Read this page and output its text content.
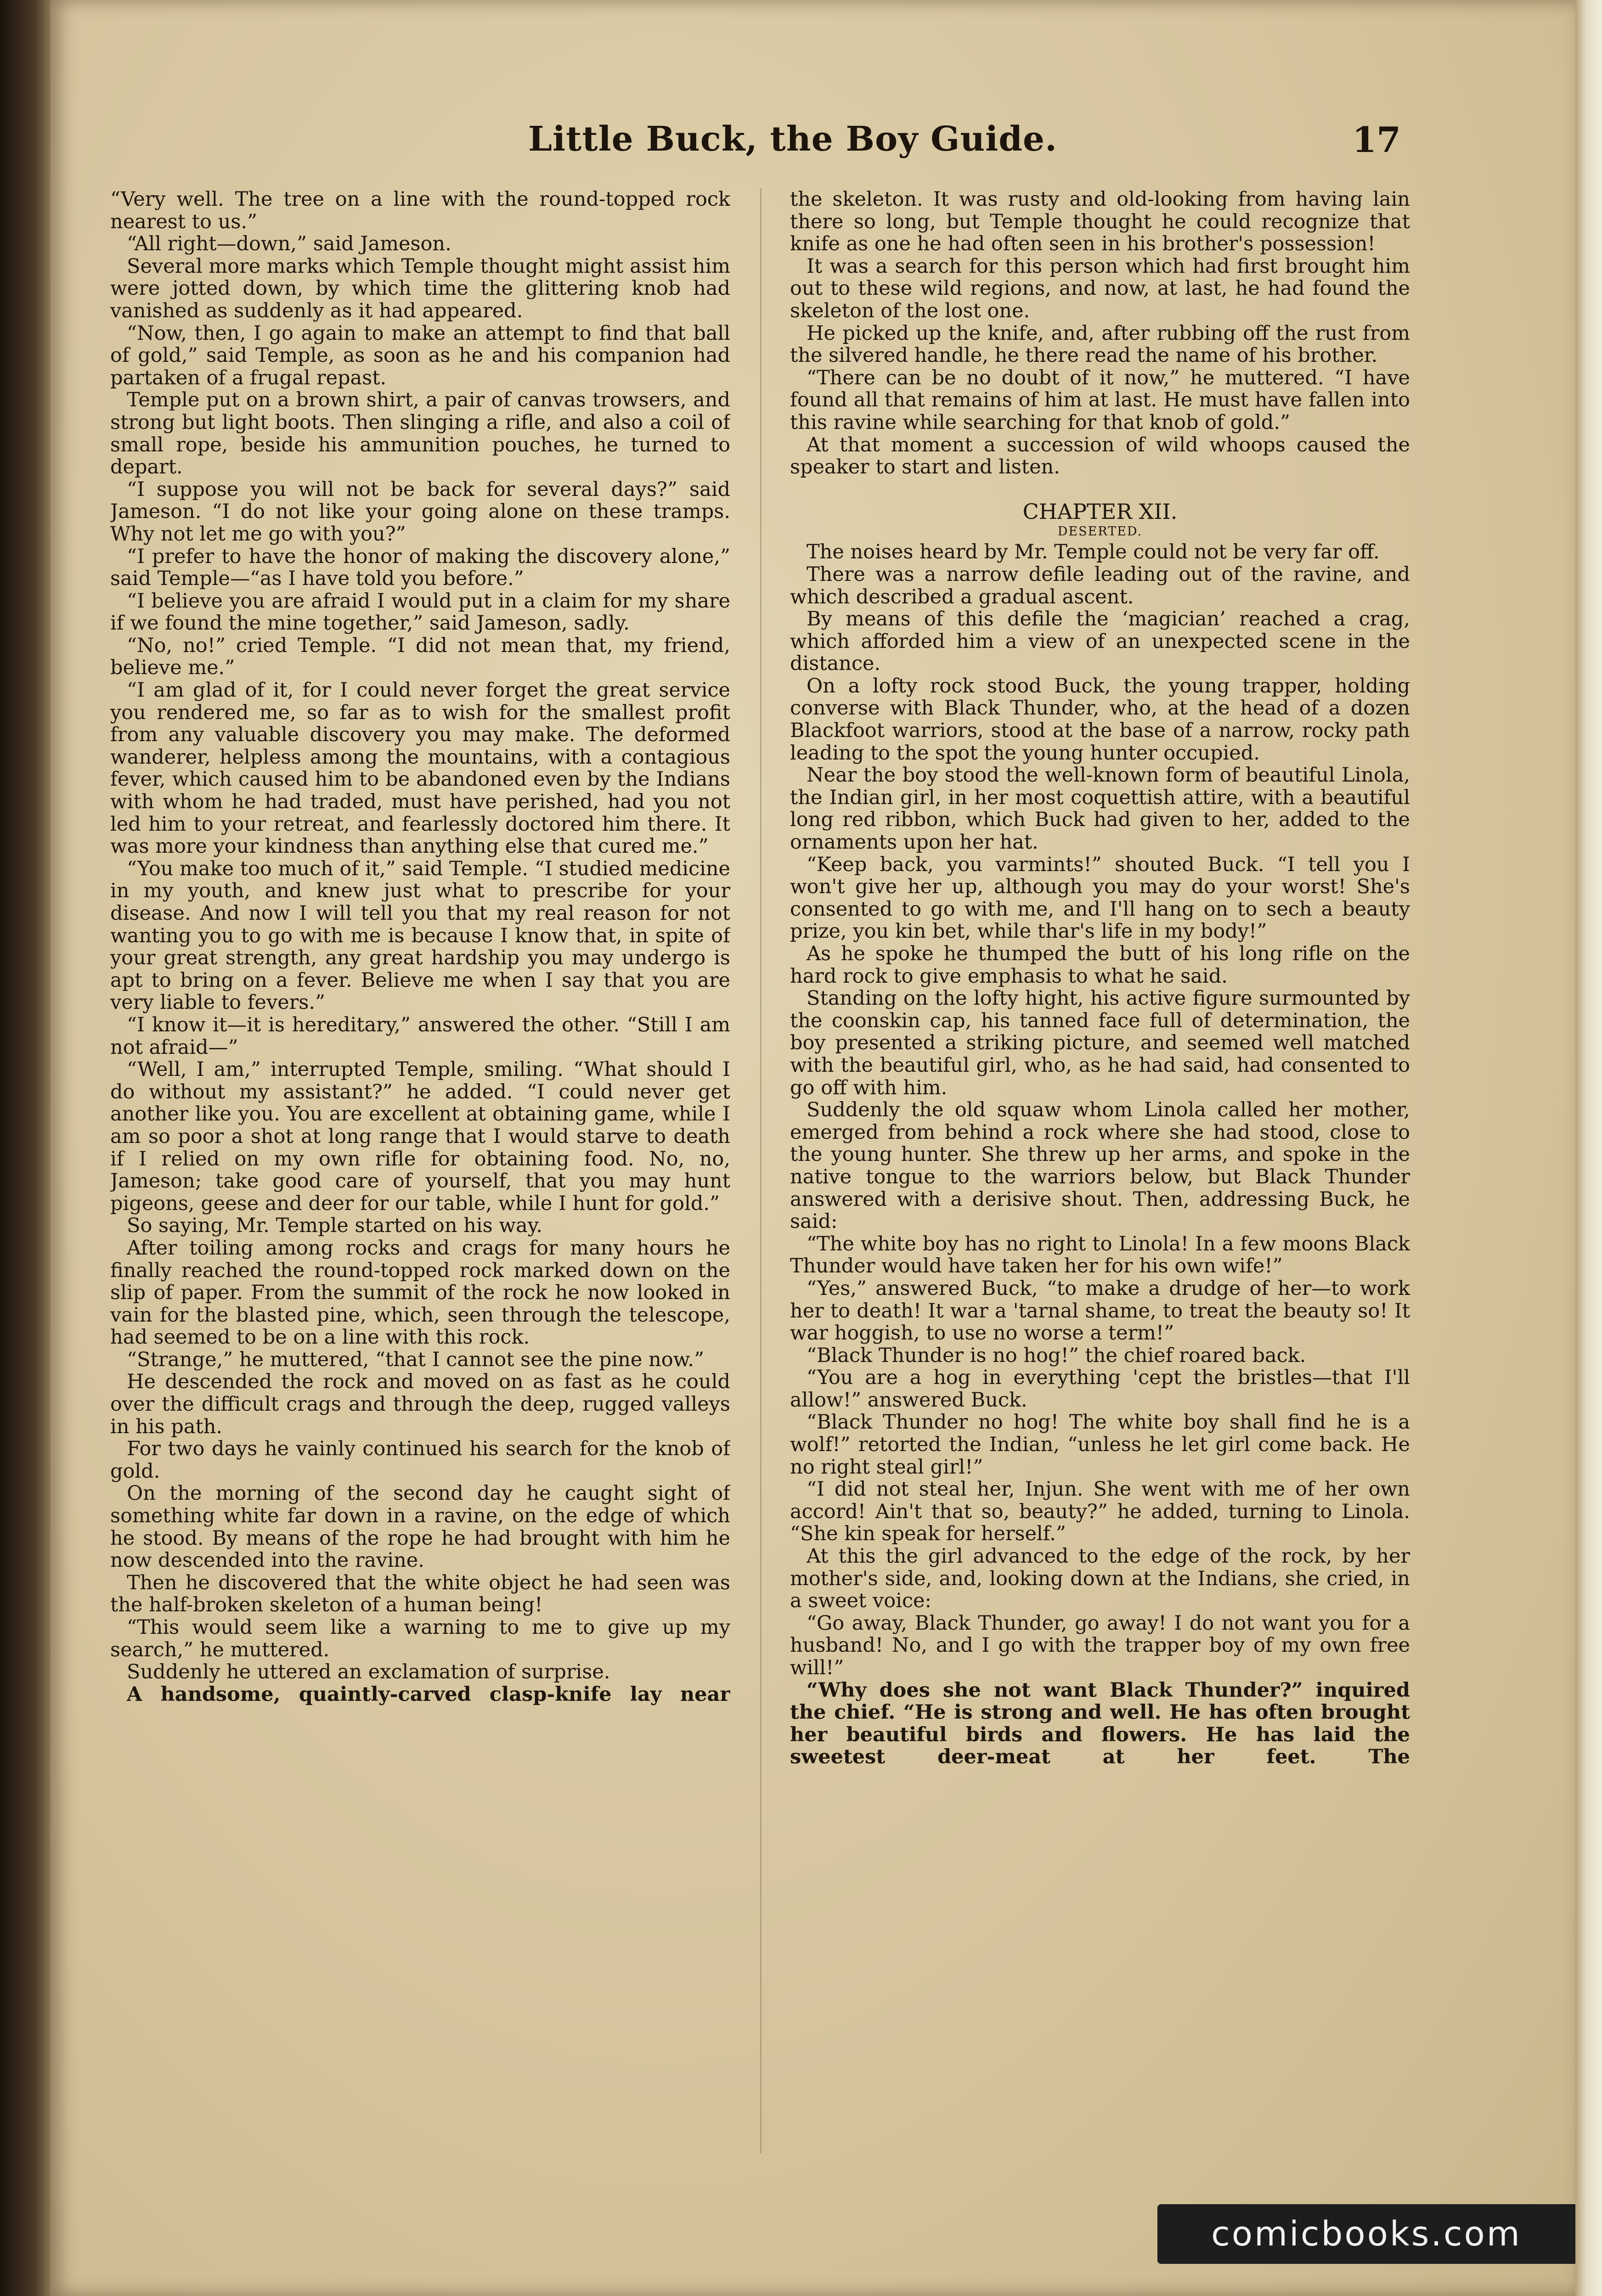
Little Buck, the Boy Guide.	17

“Very well. The tree on a line with the round-topped rock nearest to us.”

“All right—down,” said Jameson.

Several more marks which Temple thought might assist him were jotted down, by which time the glittering knob had vanished as suddenly as it had appeared.

“Now, then, I go again to make an attempt to find that ball of gold,” said Temple, as soon as he and his companion had partaken of a frugal repast.

Temple put on a brown shirt, a pair of canvas trowsers, and strong but light boots. Then slinging a rifle, and also a coil of small rope, beside his ammunition pouches, he turned to depart.

“I suppose you will not be back for several days?” said Jameson. “I do not like your going alone on these tramps. Why not let me go with you?”

“I prefer to have the honor of making the discovery alone,” said Temple—“as I have told you before.”

“I believe you are afraid I would put in a claim for my share if we found the mine together,” said Jameson, sadly.

“No, no!” cried Temple. “I did not mean that, my friend, believe me.”

“I am glad of it, for I could never forget the great service you rendered me, so far as to wish for the smallest profit from any valuable discovery you may make. The deformed wanderer, helpless among the mountains, with a contagious fever, which caused him to be abandoned even by the Indians with whom he had traded, must have perished, had you not led him to your retreat, and fearlessly doctored him there. It was more your kindness than anything else that cured me.”

“You make too much of it,” said Temple. “I studied medicine in my youth, and knew just what to prescribe for your disease. And now I will tell you that my real reason for not wanting you to go with me is because I know that, in spite of your great strength, any great hardship you may undergo is apt to bring on a fever. Believe me when I say that you are very liable to fevers.”

“I know it—it is hereditary,” answered the other. “Still I am not afraid—”

“Well, I am,” interrupted Temple, smiling. “What should I do without my assistant?” he added. “I could never get another like you. You are excellent at obtaining game, while I am so poor a shot at long range that I would starve to death if I relied on my own rifle for obtaining food. No, no, Jameson; take good care of yourself, that you may hunt pigeons, geese and deer for our table, while I hunt for gold.”

So saying, Mr. Temple started on his way.

After toiling among rocks and crags for many hours he finally reached the round-topped rock marked down on the slip of paper. From the summit of the rock he now looked in vain for the blasted pine, which, seen through the telescope, had seemed to be on a line with this rock.

“Strange,” he muttered, “that I cannot see the pine now.”

He descended the rock and moved on as fast as he could over the difficult crags and through the deep, rugged valleys in his path.

For two days he vainly continued his search for the knob of gold.

On the morning of the second day he caught sight of something white far down in a ravine, on the edge of which he stood. By means of the rope he had brought with him he now descended into the ravine.

Then he discovered that the white object he had seen was the half-broken skeleton of a human being!

“This would seem like a warning to me to give up my search,” he muttered.

Suddenly he uttered an exclamation of surprise.

A handsome, quaintly-carved clasp-knife lay near

the skeleton. It was rusty and old-looking from having lain there so long, but Temple thought he could recognize that knife as one he had often seen in his brother's possession!

It was a search for this person which had first brought him out to these wild regions, and now, at last, he had found the skeleton of the lost one.

He picked up the knife, and, after rubbing off the rust from the silvered handle, he there read the name of his brother.

“There can be no doubt of it now,” he muttered. “I have found all that remains of him at last. He must have fallen into this ravine while searching for that knob of gold.”

At that moment a succession of wild whoops caused the speaker to start and listen.

CHAPTER XII.

DESERTED.

The noises heard by Mr. Temple could not be very far off.

There was a narrow defile leading out of the ravine, and which described a gradual ascent.

By means of this defile the ‘magician’ reached a crag, which afforded him a view of an unexpected scene in the distance.

On a lofty rock stood Buck, the young trapper, holding converse with Black Thunder, who, at the head of a dozen Blackfoot warriors, stood at the base of a narrow, rocky path leading to the spot the young hunter occupied.

Near the boy stood the well-known form of beautiful Linola, the Indian girl, in her most coquettish attire, with a beautiful long red ribbon, which Buck had given to her, added to the ornaments upon her hat.

“Keep back, you varmints!” shouted Buck. “I tell you I won't give her up, although you may do your worst! She's consented to go with me, and I'll hang on to sech a beauty prize, you kin bet, while thar's life in my body!”

As he spoke he thumped the butt of his long rifle on the hard rock to give emphasis to what he said.

Standing on the lofty hight, his active figure surmounted by the coonskin cap, his tanned face full of determination, the boy presented a striking picture, and seemed well matched with the beautiful girl, who, as he had said, had consented to go off with him.

Suddenly the old squaw whom Linola called her mother, emerged from behind a rock where she had stood, close to the young hunter. She threw up her arms, and spoke in the native tongue to the warriors below, but Black Thunder answered with a derisive shout. Then, addressing Buck, he said:

“The white boy has no right to Linola! In a few moons Black Thunder would have taken her for his own wife!”

“Yes,” answered Buck, “to make a drudge of her—to work her to death! It war a 'tarnal shame, to treat the beauty so! It war hoggish, to use no worse a term!”

“Black Thunder is no hog!” the chief roared back.

“You are a hog in everything 'cept the bristles—that I'll allow!” answered Buck.

“Black Thunder no hog! The white boy shall find he is a wolf!” retorted the Indian, “unless he let girl come back. He no right steal girl!”

“I did not steal her, Injun. She went with me of her own accord! Ain't that so, beauty?” he added, turning to Linola. “She kin speak for herself.”

At this the girl advanced to the edge of the rock, by her mother's side, and, looking down at the Indians, she cried, in a sweet voice:

“Go away, Black Thunder, go away! I do not want you for a husband! No, and I go with the trapper boy of my own free will!”

“Why does she not want Black Thunder?” inquired the chief. “He is strong and well. He has often brought her beautiful birds and flowers. He has laid the sweetest deer-meat at her feet. The

comicbooks.com
